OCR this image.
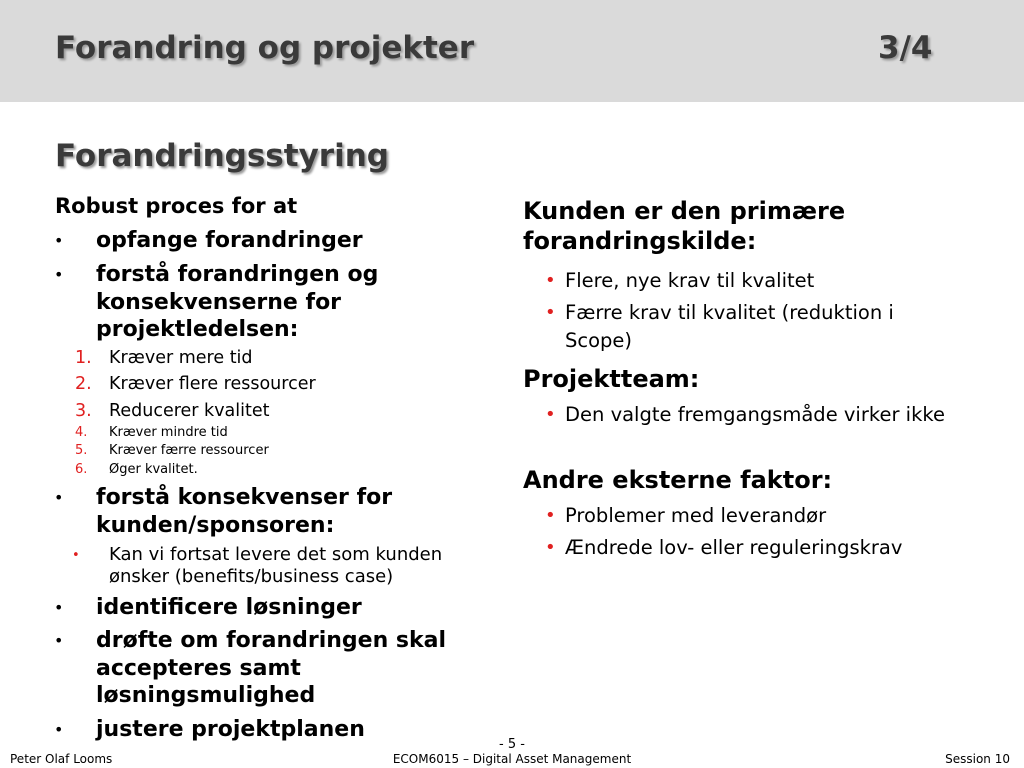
Forandring og projekter	3/4
Forandringsstyring
Robust proces for at
•	opfange forandringer
•	forstå forandringen og konsekvenserne for projektledelsen:
1. Kræver mere tid
2. Kræver flere ressourcer
3. Reducerer kvalitet
4.	Kræver mindre tid
5.	Kræver færre ressourcer
6.	Øger kvalitet.
•	forstå konsekvenser for kunden/sponsoren:
• Kan vi fortsat levere det som kunden ønsker (benefits/business case)
•	identificere løsninger
•	drøfte om forandringen skal accepteres samt løsningsmulighed
•	justere projektplanen
Kunden er den primære forandringskilde:
• Flere, nye krav til kvalitet
• Færre krav til kvalitet (reduktion i Scope)
Projektteam:
• Den valgte fremgangsmåde virker ikke
Andre eksterne faktor:
• Problemer med leverandør
• Ændrede lov- eller reguleringskrav
- 5 -
Peter Olaf Looms	ECOM6015 – Digital Asset Management	Session 10
